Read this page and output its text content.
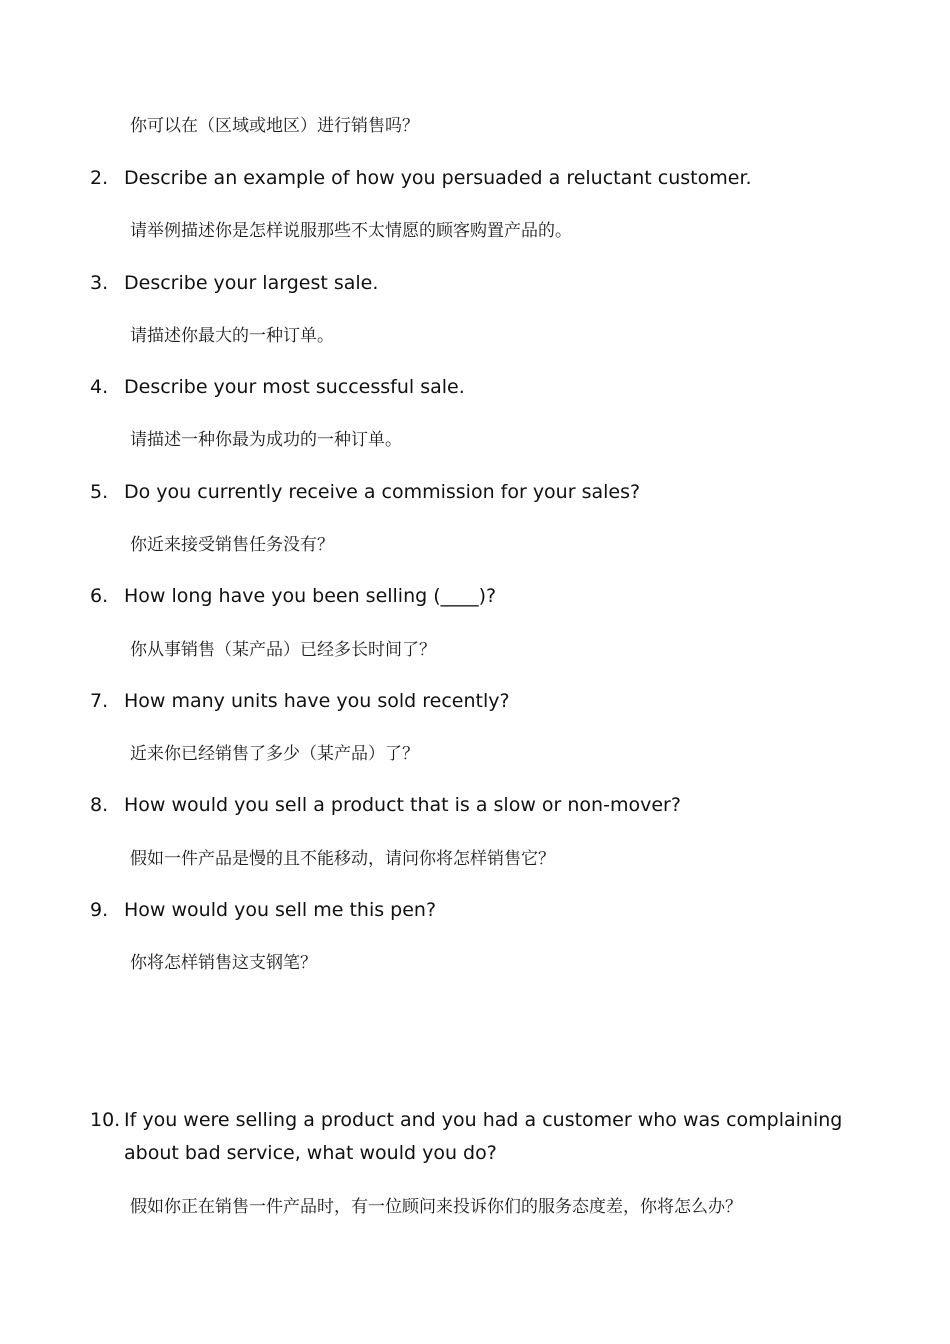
你可以在（区域或地区）进行销售吗？
2. Describe an example of how you persuaded a reluctant customer.
请举例描述你是怎样说服那些不太情愿的顾客购置产品的。
3. Describe your largest sale.
请描述你最大的一种订单。
4. Describe your most successful sale.
请描述一种你最为成功的一种订单。
5. Do you currently receive a commission for your sales?
你近来接受销售任务没有？
6. How long have you been selling (____)?
你从事销售（某产品）已经多长时间了？
7. How many units have you sold recently?
近来你已经销售了多少（某产品）了？
8. How would you sell a product that is a slow or non-mover?
假如一件产品是慢的且不能移动，请问你将怎样销售它？
9. How would you sell me this pen?
你将怎样销售这支钢笔？
10. If you were selling a product and you had a customer who was complaining about bad service, what would you do?
假如你正在销售一件产品时，有一位顾问来投诉你们的服务态度差，你将怎么办？
